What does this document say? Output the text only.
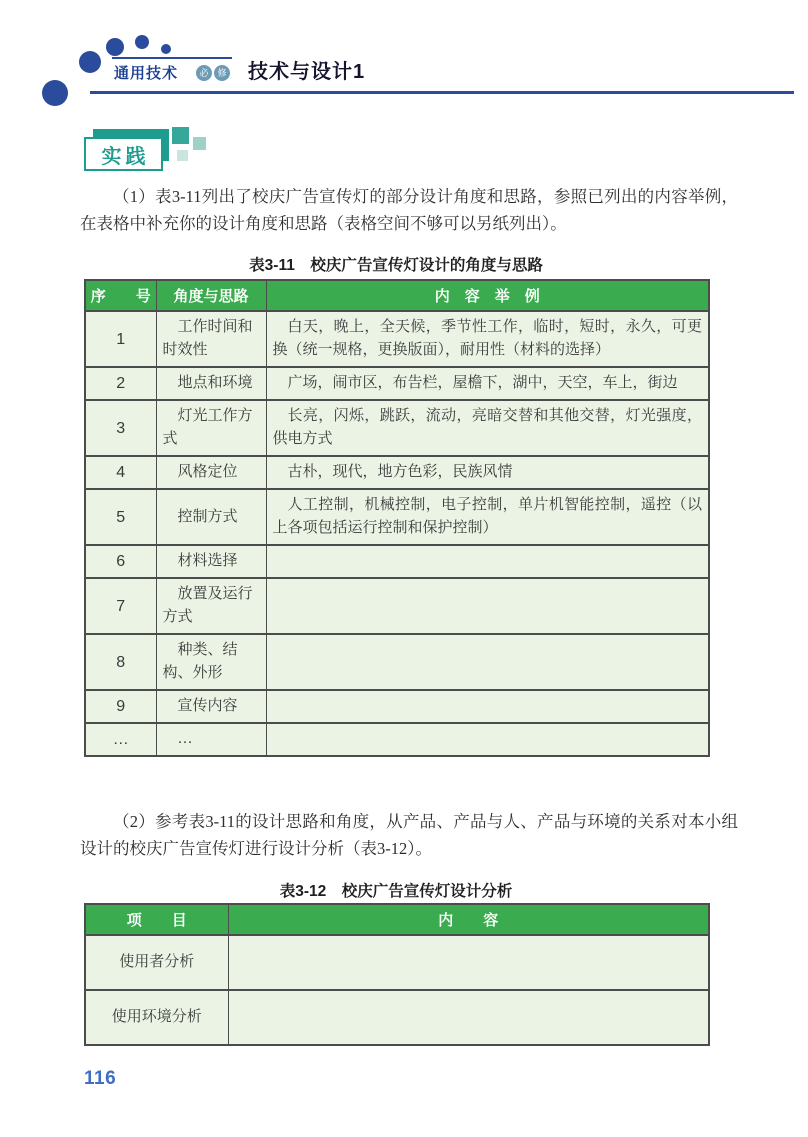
通用技术	必 修 技术与设计1
实践

（1）表3-11列出了校庆广告宣传灯的部分设计角度和思路，参照已列出的内容举例，在表格中补充你的设计角度和思路（表格空间不够可以另纸列出）。

（2）参考表3-11的设计思路和角度，从产品、产品与人、产品与环境的关系对本小组设计的校庆广告宣传灯进行设计分析（表3-12）。

表3-11　校庆广告宣传灯设计的角度与思路
序　　号	角度与思路	内　容　举　例
1	工作时间和时效性	白天，晚上，全天候，季节性工作，临时，短时，永久，可更换（统一规格，更换版面），耐用性（材料的选择）
2	地点和环境	广场，闹市区，布告栏，屋檐下，湖中，天空，车上，街边
3	灯光工作方式	长亮，闪烁，跳跃，流动，亮暗交替和其他交替，灯光强度，供电方式
4	风格定位	古朴，现代，地方色彩，民族风情
5	控制方式	人工控制，机械控制，电子控制，单片机智能控制，遥控（以上各项包括运行控制和保护控制）
6	材料选择	
7	放置及运行方式	
8	种类、结构、外形	
9	宣传内容	
…	…	
表3-12　校庆广告宣传灯设计分析
项　　目	内　　容
使用者分析	
使用环境分析	
116
